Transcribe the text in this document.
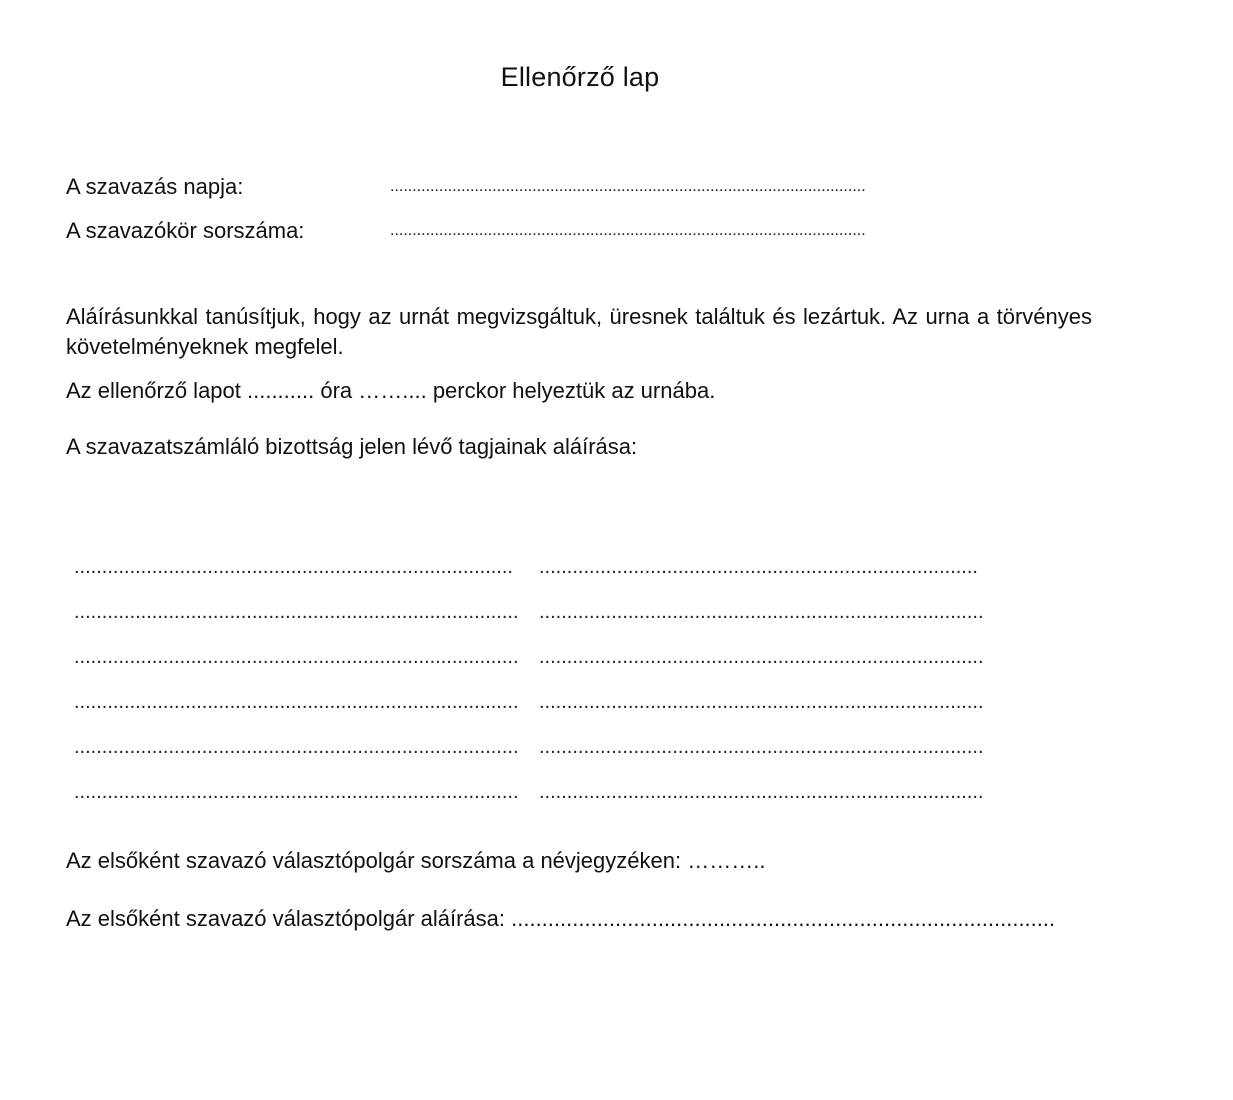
Ellenőrző lap
A szavazás napja:	...........................................................................................................
A szavazókör sorszáma:	...........................................................................................................
Aláírásunkkal tanúsítjuk, hogy az urnát megvizsgáltuk, üresnek találtuk és lezártuk. Az urna a törvényes követelményeknek megfelel.
Az ellenőrző lapot ........... óra …….... perckor helyeztük az urnába.
A szavazatszámláló bizottság jelen lévő tagjainak aláírása:
............................................................................... ...............................................................................
................................................................................ ................................................................................
................................................................................ ................................................................................
................................................................................ ................................................................................
................................................................................ ................................................................................
................................................................................ ................................................................................
Az elsőként szavazó választópolgár sorszáma a névjegyzéken: ………..
Az elsőként szavazó választópolgár aláírása: .........................................................................................
